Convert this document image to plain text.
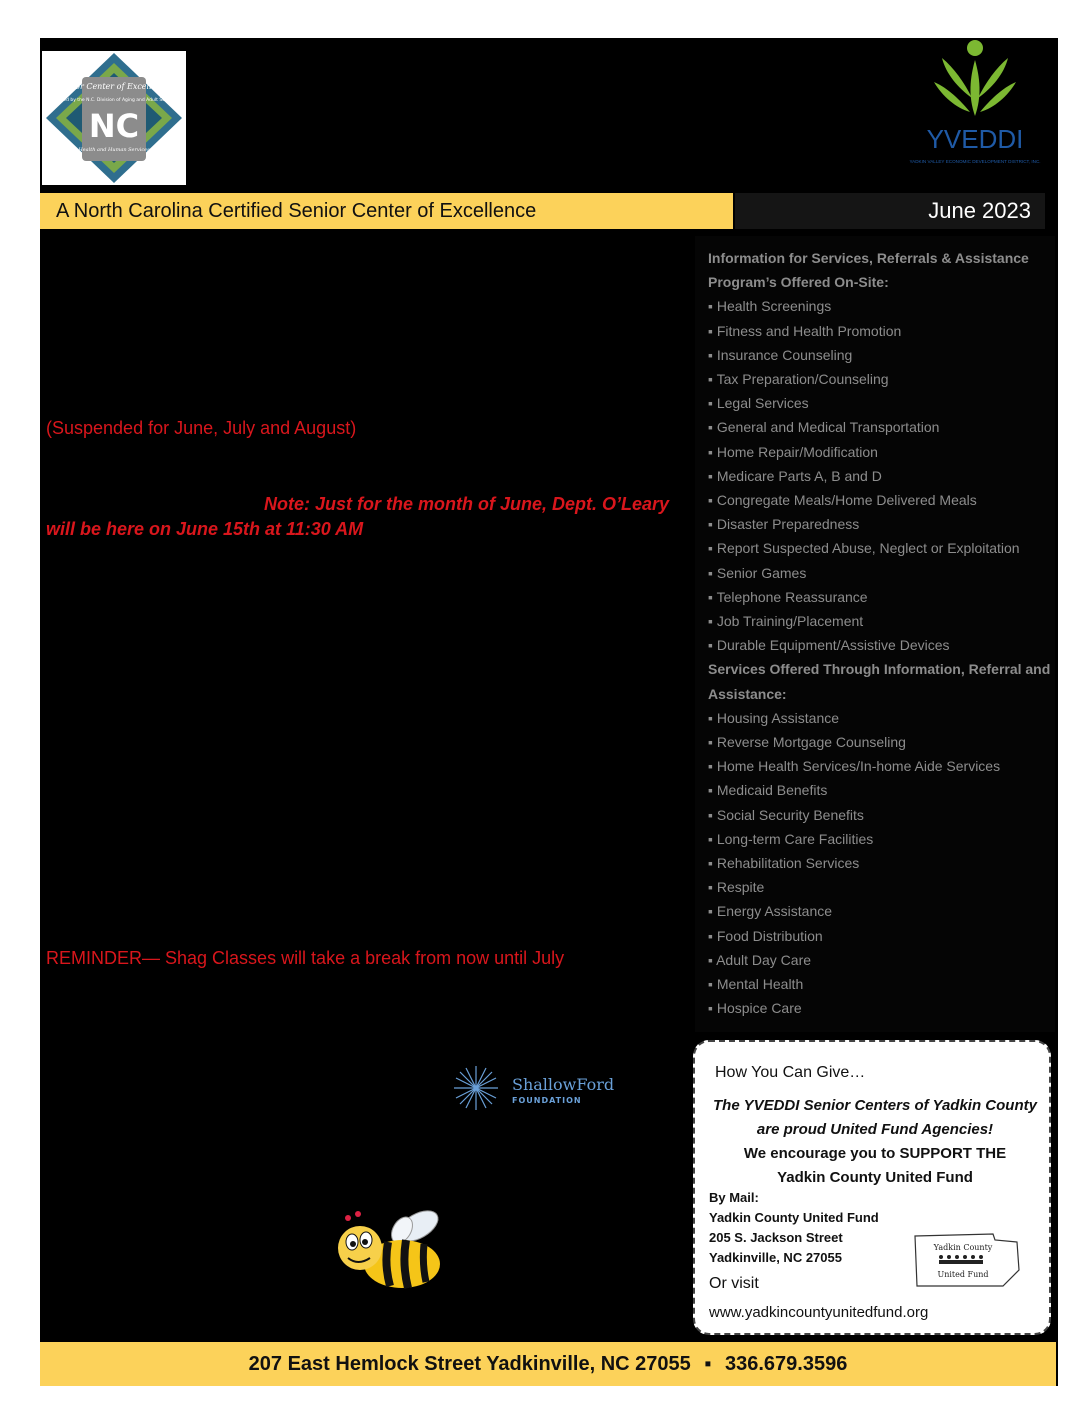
Senior Center of Excellence
Certified by the N.C. Division of Aging and Adult Services
NC
Health and Human Services	YVEDDI
YADKIN VALLEY ECONOMIC DEVELOPMENT DISTRICT, INC.
A North Carolina Certified Senior Center of Excellence	June 2023
Information for Services, Referrals & Assistance
Program’s Offered On-Site:
▪ Health Screenings
▪ Fitness and Health Promotion
▪ Insurance Counseling
▪ Tax Preparation/Counseling
▪ Legal Services
▪ General and Medical Transportation
▪ Home Repair/Modification
▪ Medicare Parts A, B and D
▪ Congregate Meals/Home Delivered Meals
▪ Disaster Preparedness
▪ Report Suspected Abuse, Neglect or Exploitation
▪ Senior Games
▪ Telephone Reassurance
▪ Job Training/Placement
▪ Durable Equipment/Assistive Devices
Services Offered Through Information, Referral and Assistance:
▪ Housing Assistance
▪ Reverse Mortgage Counseling
▪ Home Health Services/In-home Aide Services
▪ Medicaid Benefits
▪ Social Security Benefits
▪ Long-term Care Facilities
▪ Rehabilitation Services
▪ Respite
▪ Energy Assistance
▪ Food Distribution
▪ Adult Day Care
▪ Mental Health
▪ Hospice Care
(Suspended for June, July and August)
Note: Just for the month of June, Dept. O’Leary will be here on June 15th at 11:30 AM
REMINDER— Shag Classes will take a break from now until July
ShallowFord
FOUNDATION
How You Can Give…
The YVEDDI Senior Centers of Yadkin County
are proud United Fund Agencies!
We encourage you to SUPPORT THE
Yadkin County United Fund
By Mail:
Yadkin County United Fund
205 S. Jackson Street
Yadkinville, NC 27055
Or visit
www.yadkincountyunitedfund.org
Yadkin County
United Fund
207 East Hemlock Street Yadkinville, NC 27055 ▪ 336.679.3596
